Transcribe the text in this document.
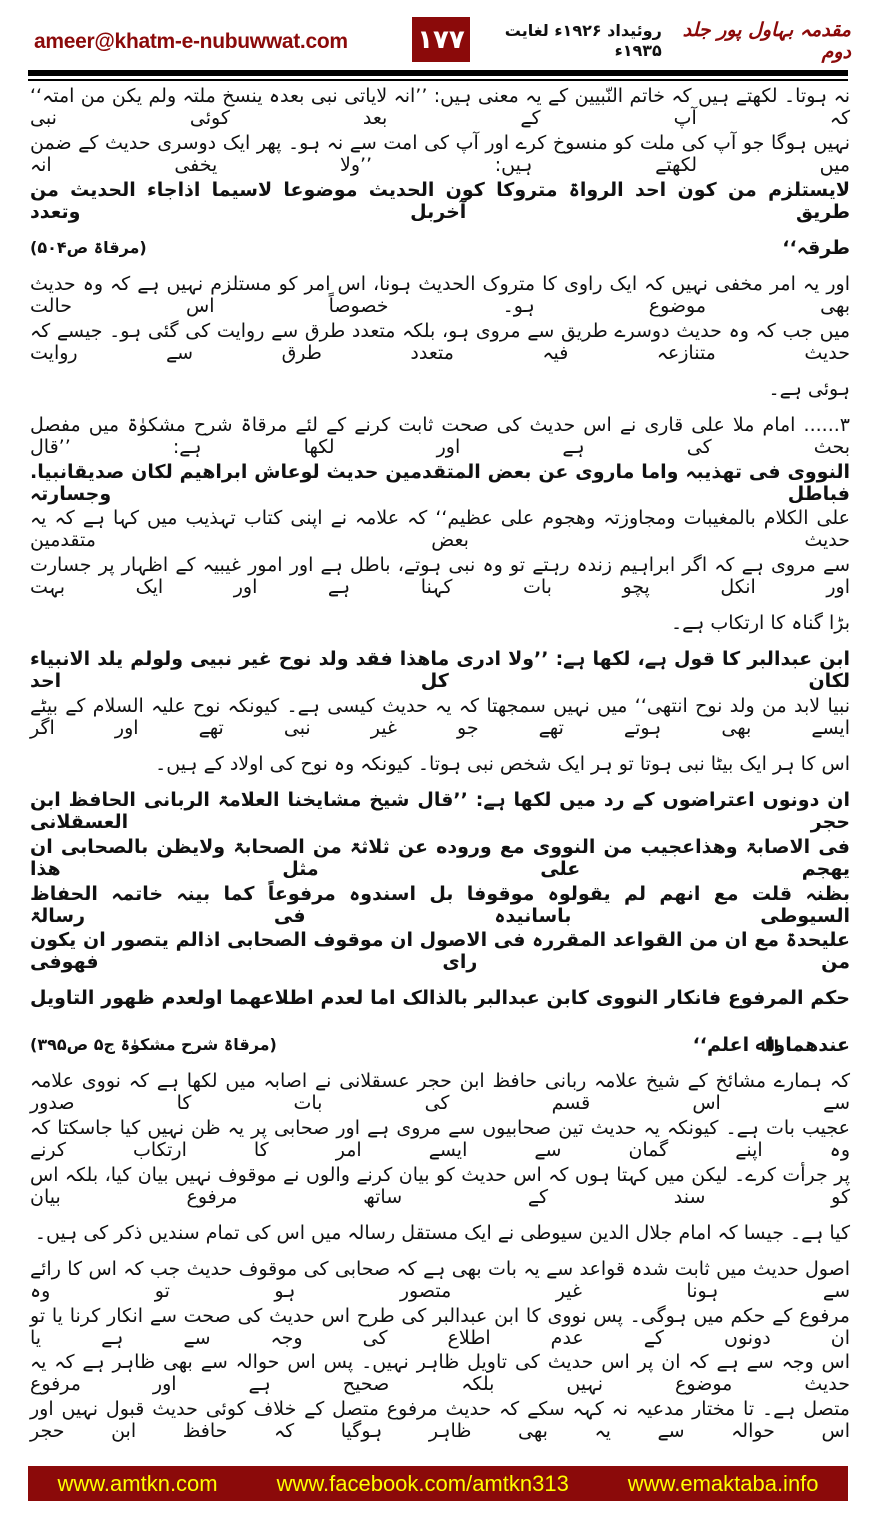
ameer@khatm-e-nubuwwat.com	۱۷۷	مقدمہ بہاول پور جلد دوم
روئیداد ۱۹۲۶ء لغایت ۱۹۳۵ء
نہ ہوتا۔ لکھتے ہیں کہ خاتم النّبیین کے یہ معنی ہیں: ’’انہ لایاتی نبی بعدہ ینسخ ملتہ ولم یکن من امتہ‘‘ کہ آپ کے بعد کوئی نبی
نہیں ہوگا جو آپ کی ملت کو منسوخ کرے اور آپ کی امت سے نہ ہو۔ پھر ایک دوسری حدیث کے ضمن میں لکھتے ہیں: ’’ولا یخفی انہ
لایستلزم من کون احد الرواۃ متروکا کون الحدیث موضوعا لاسیما اذاجاء الحدیث من طریق آخربل وتعدد
طرقہ‘‘
(مرقاۃ ص۵۰۴)
اور یہ امر مخفی نہیں کہ ایک راوی کا متروک الحدیث ہونا، اس امر کو مستلزم نہیں ہے کہ وہ حدیث بھی موضوع ہو۔ خصوصاً اس حالت
میں جب کہ وہ حدیث دوسرے طریق سے مروی ہو، بلکہ متعدد طرق سے روایت کی گئی ہو۔ جیسے کہ حدیث متنازعہ فیہ متعدد طرق سے روایت
ہوئی ہے۔
۳...... امام ملا علی قاری نے اس حدیث کی صحت ثابت کرنے کے لئے مرقاۃ شرح مشکوٰۃ میں مفصل بحث کی ہے اور لکھا ہے: ’’قال
النووی فی تھذیبہ واما ماروی عن بعض المتقدمین حدیث لوعاش ابراھیم لکان صدیقانبیا. فباطل وجسارتہ
علی الکلام بالمغیبات ومجاوزتہ وھجوم علی عظیم‘‘ کہ علامہ نے اپنی کتاب تہذیب میں کہا ہے کہ یہ حدیث بعض متقدمین
سے مروی ہے کہ اگر ابراہیم زندہ رہتے تو وہ نبی ہوتے، باطل ہے اور امور غیبیہ کے اظہار پر جسارت اور انکل پچو بات کہنا ہے اور ایک بہت
بڑا گناہ کا ارتکاب ہے۔
ابن عبدالبر کا قول ہے، لکھا ہے: ’’ولا ادری ماھذا فقد ولد نوح غیر نبیی ولولم یلد الانبیاء لکان کل احد
نبیا لابد من ولد نوح انتھی‘‘ میں نہیں سمجھتا کہ یہ حدیث کیسی ہے۔ کیونکہ نوح علیہ السلام کے بیٹے ایسے بھی ہوتے تھے جو غیر نبی تھے اور اگر
اس کا ہر ایک بیٹا نبی ہوتا تو ہر ایک شخص نبی ہوتا۔ کیونکہ وہ نوح کی اولاد کے ہیں۔
ان دونوں اعتراضوں کے رد میں لکھا ہے: ’’قال شیخ مشایخنا العلامۃ الربانی الحافظ ابن حجر العسقلانی
فی الاصابۃ وھذاعجیب من النووی مع وروده عن ثلاثۃ من الصحابۃ ولایظن بالصحابی ان یھجم علی مثل ھذا
بظنہ قلت مع انھم لم یقولوہ موقوفا بل اسندوہ مرفوعاً کما بینہ خاتمہ الحفاظ السیوطی باسانیدہ فی رسالۃ
علیحدۃ مع ان من القواعد المقررہ فی الاصول ان موقوف الصحابی اذالم یتصور ان یکون من رای فھوفی
حکم المرفوع فانکار النووی کابن عبدالبر بالذالک اما لعدم اطلاعھما اولعدم ظھور التاویل
عندھماواﷲ اعلم‘‘
(مرقاۃ شرح مشکوٰۃ ج۵ ص۳۹۵)
کہ ہمارے مشائخ کے شیخ علامہ ربانی حافظ ابن حجر عسقلانی نے اصابہ میں لکھا ہے کہ نووی علامہ سے اس قسم کی بات کا صدور
عجیب بات ہے۔ کیونکہ یہ حدیث تین صحابیوں سے مروی ہے اور صحابی پر یہ ظن نہیں کیا جاسکتا کہ وہ اپنے گمان سے ایسے امر کا ارتکاب کرنے
پر جرأت کرے۔ لیکن میں کہتا ہوں کہ اس حدیث کو بیان کرنے والوں نے موقوف نہیں بیان کیا، بلکہ اس کو سند کے ساتھ مرفوع بیان
کیا ہے۔ جیسا کہ امام جلال الدین سیوطی نے ایک مستقل رسالہ میں اس کی تمام سندیں ذکر کی ہیں۔
اصول حدیث میں ثابت شدہ قواعد سے یہ بات بھی ہے کہ صحابی کی موقوف حدیث جب کہ اس کا رائے سے ہونا غیر متصور ہو تو وہ
مرفوع کے حکم میں ہوگی۔ پس نووی کا ابن عبدالبر کی طرح اس حدیث کی صحت سے انکار کرنا یا تو ان دونوں کے عدم اطلاع کی وجہ سے ہے یا
اس وجہ سے ہے کہ ان پر اس حدیث کی تاویل ظاہر نہیں۔ پس اس حوالہ سے بھی ظاہر ہے کہ یہ حدیث موضوع نہیں بلکہ صحیح ہے اور مرفوع
متصل ہے۔ تا مختار مدعیہ نہ کہہ سکے کہ حدیث مرفوع متصل کے خلاف کوئی حدیث قبول نہیں اور اس حوالہ سے یہ بھی ظاہر ہوگیا کہ حافظ ابن حجر
www.amtkn.com	www.facebook.com/amtkn313	www.emaktaba.info
